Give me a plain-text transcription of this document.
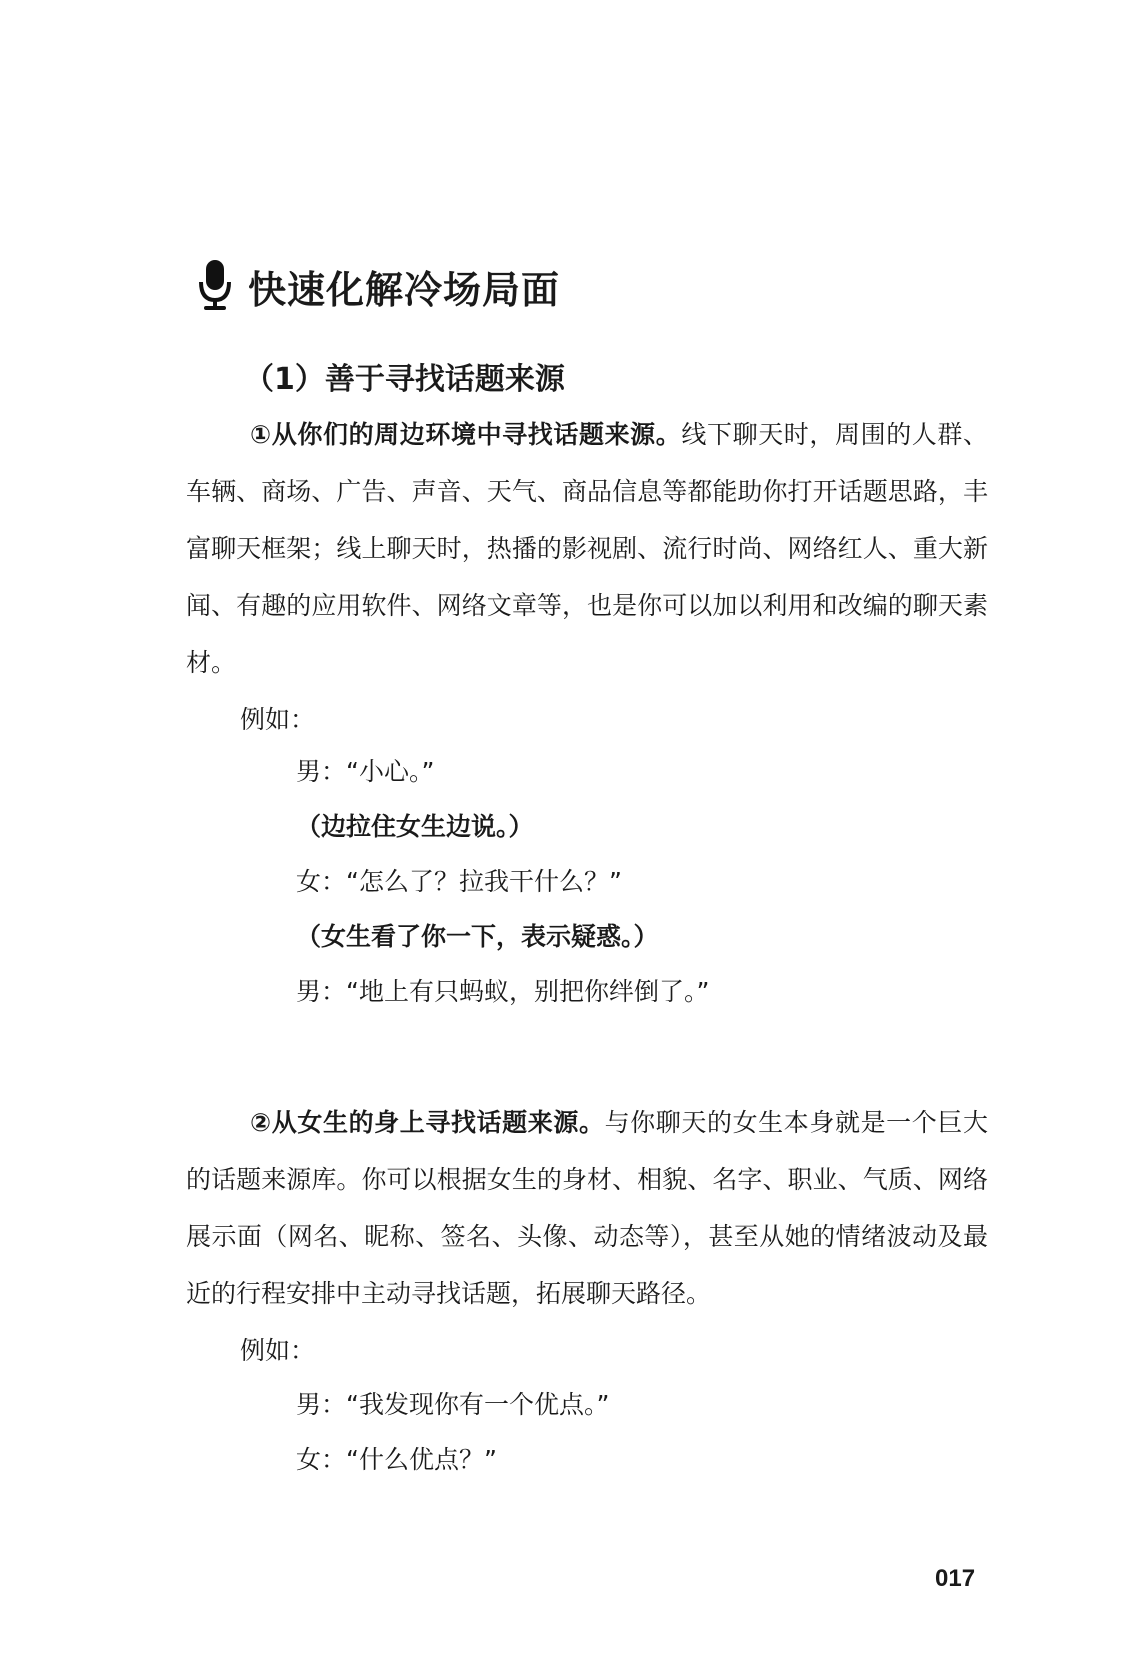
快速化解冷场局面
（1）善于寻找话题来源
①从你们的周边环境中寻找话题来源。线下聊天时，周围的人群、车辆、商场、广告、声音、天气、商品信息等都能助你打开话题思路，丰富聊天框架；线上聊天时，热播的影视剧、流行时尚、网络红人、重大新闻、有趣的应用软件、网络文章等，也是你可以加以利用和改编的聊天素材。
例如：
男：“小心。”
（边拉住女生边说。）
女：“怎么了？拉我干什么？”
（女生看了你一下，表示疑惑。）
男：“地上有只蚂蚁，别把你绊倒了。”
②从女生的身上寻找话题来源。与你聊天的女生本身就是一个巨大的话题来源库。你可以根据女生的身材、相貌、名字、职业、气质、网络展示面（网名、昵称、签名、头像、动态等），甚至从她的情绪波动及最近的行程安排中主动寻找话题，拓展聊天路径。
例如：
男：“我发现你有一个优点。”
女：“什么优点？”
017
